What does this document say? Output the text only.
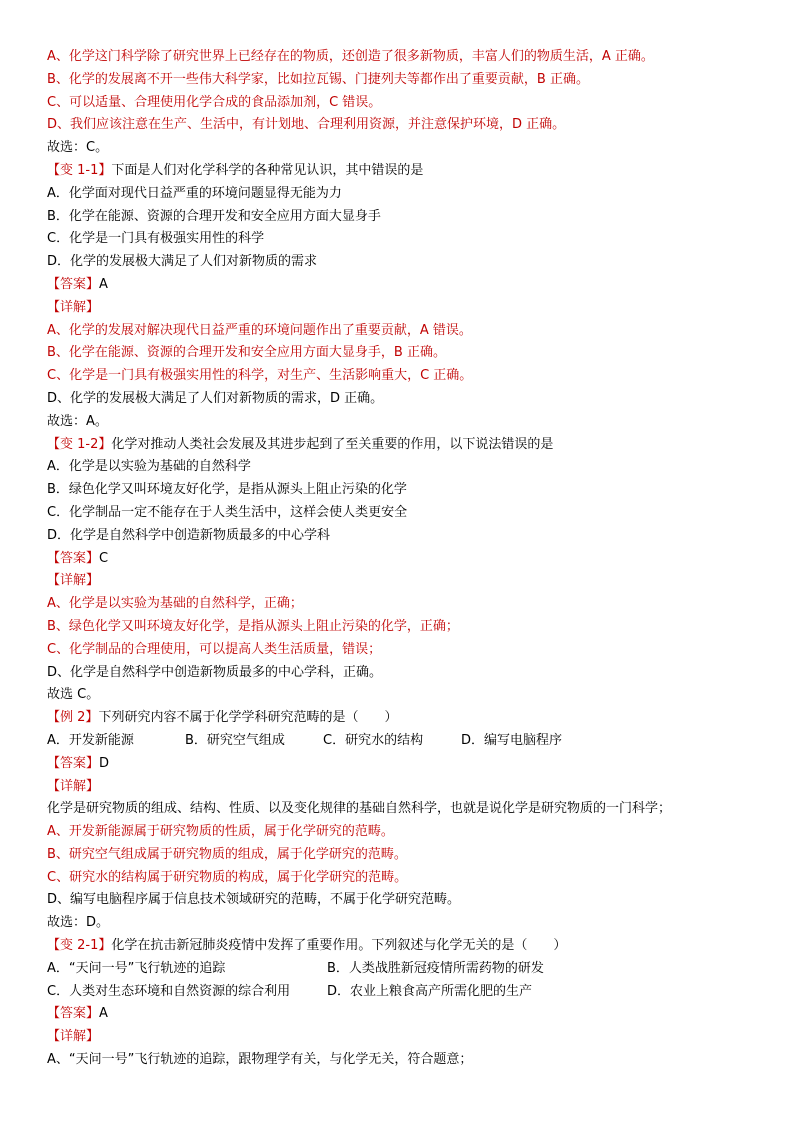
A、化学这门科学除了研究世界上已经存在的物质，还创造了很多新物质，丰富人们的物质生活，A 正确。
B、化学的发展离不开一些伟大科学家，比如拉瓦锡、门捷列夫等都作出了重要贡献，B 正确。
C、可以适量、合理使用化学合成的食品添加剂，C 错误。
D、我们应该注意在生产、生活中，有计划地、合理利用资源，并注意保护环境，D 正确。
故选：C。
【变 1-1】下面是人们对化学科学的各种常见认识，其中错误的是
A．化学面对现代日益严重的环境问题显得无能为力
B．化学在能源、资源的合理开发和安全应用方面大显身手
C．化学是一门具有极强实用性的科学
D．化学的发展极大满足了人们对新物质的需求
【答案】A
【详解】
A、化学的发展对解决现代日益严重的环境问题作出了重要贡献，A 错误。
B、化学在能源、资源的合理开发和安全应用方面大显身手，B 正确。
C、化学是一门具有极强实用性的科学，对生产、生活影响重大，C 正确。
D、化学的发展极大满足了人们对新物质的需求，D 正确。
故选：A。
【变 1-2】化学对推动人类社会发展及其进步起到了至关重要的作用，以下说法错误的是
A．化学是以实验为基础的自然科学
B．绿色化学又叫环境友好化学，是指从源头上阻止污染的化学
C．化学制品一定不能存在于人类生活中，这样会使人类更安全
D．化学是自然科学中创造新物质最多的中心学科
【答案】C
【详解】
A、化学是以实验为基础的自然科学，正确；
B、绿色化学又叫环境友好化学，是指从源头上阻止污染的化学，正确；
C、化学制品的合理使用，可以提高人类生活质量，错误；
D、化学是自然科学中创造新物质最多的中心学科，正确。
故选 C。
【例 2】下列研究内容不属于化学学科研究范畴的是（　　）
A．开发新能源	B．研究空气组成	C．研究水的结构	D．编写电脑程序
【答案】D
【详解】
化学是研究物质的组成、结构、性质、以及变化规律的基础自然科学，也就是说化学是研究物质的一门科学；
A、开发新能源属于研究物质的性质，属于化学研究的范畴。
B、研究空气组成属于研究物质的组成，属于化学研究的范畴。
C、研究水的结构属于研究物质的构成，属于化学研究的范畴。
D、编写电脑程序属于信息技术领域研究的范畴，不属于化学研究范畴。
故选：D。
【变 2-1】化学在抗击新冠肺炎疫情中发挥了重要作用。下列叙述与化学无关的是（　　）
A．“天问一号”飞行轨迹的追踪	B．人类战胜新冠疫情所需药物的研发
C．人类对生态环境和自然资源的综合利用	D．农业上粮食高产所需化肥的生产
【答案】A
【详解】
A、“天问一号”飞行轨迹的追踪，跟物理学有关，与化学无关，符合题意；
